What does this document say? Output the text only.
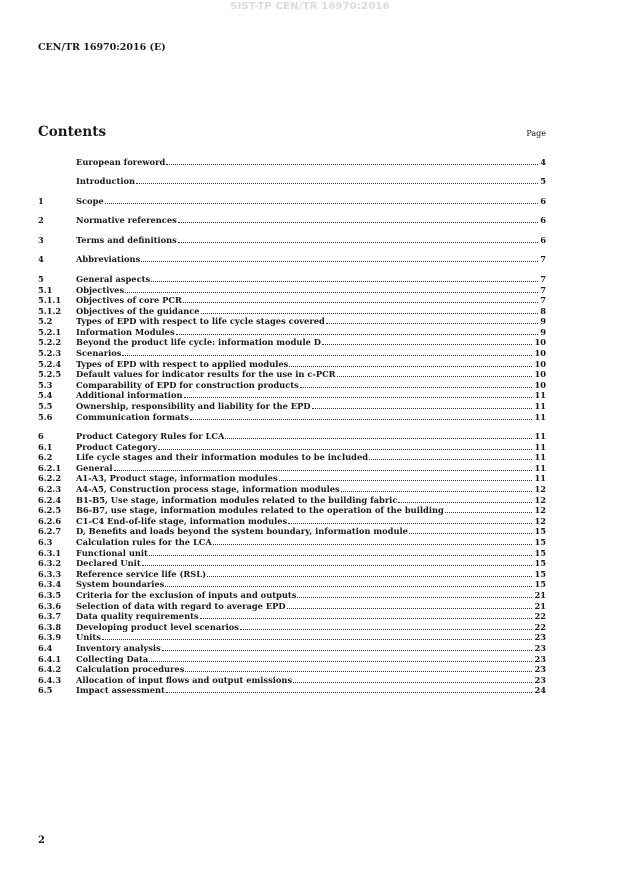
SIST-TP CEN/TR 16970:2016
CEN/TR 16970:2016 (E)
Contents	Page
European foreword	4
Introduction	5
1	Scope	6
2	Normative references	6
3	Terms and definitions	6
4	Abbreviations	7
5	General aspects	7
5.1	Objectives	7
5.1.1	Objectives of core PCR	7
5.1.2	Objectives of the guidance	8
5.2	Types of EPD with respect to life cycle stages covered	9
5.2.1	Information Modules	9
5.2.2	Beyond the product life cycle: information module D	10
5.2.3	Scenarios	10
5.2.4	Types of EPD with respect to applied modules	10
5.2.5	Default values for indicator results for the use in c-PCR	10
5.3	Comparability of EPD for construction products	10
5.4	Additional information	11
5.5	Ownership, responsibility and liability for the EPD	11
5.6	Communication formats	11
6	Product Category Rules for LCA	11
6.1	Product Category	11
6.2	Life cycle stages and their information modules to be included	11
6.2.1	General	11
6.2.2	A1-A3, Product stage, information modules	11
6.2.3	A4-A5, Construction process stage, information modules	12
6.2.4	B1-B5, Use stage, information modules related to the building fabric	12
6.2.5	B6-B7, use stage, information modules related to the operation of the building	12
6.2.6	C1-C4 End-of-life stage, information modules	12
6.2.7	D, Benefits and loads beyond the system boundary, information module	15
6.3	Calculation rules for the LCA	15
6.3.1	Functional unit	15
6.3.2	Declared Unit	15
6.3.3	Reference service life (RSL)	15
6.3.4	System boundaries	15
6.3.5	Criteria for the exclusion of inputs and outputs	21
6.3.6	Selection of data with regard to average EPD	21
6.3.7	Data quality requirements	22
6.3.8	Developing product level scenarios	22
6.3.9	Units	23
6.4	Inventory analysis	23
6.4.1	Collecting Data	23
6.4.2	Calculation procedures	23
6.4.3	Allocation of input flows and output emissions	23
6.5	Impact assessment	24
2
